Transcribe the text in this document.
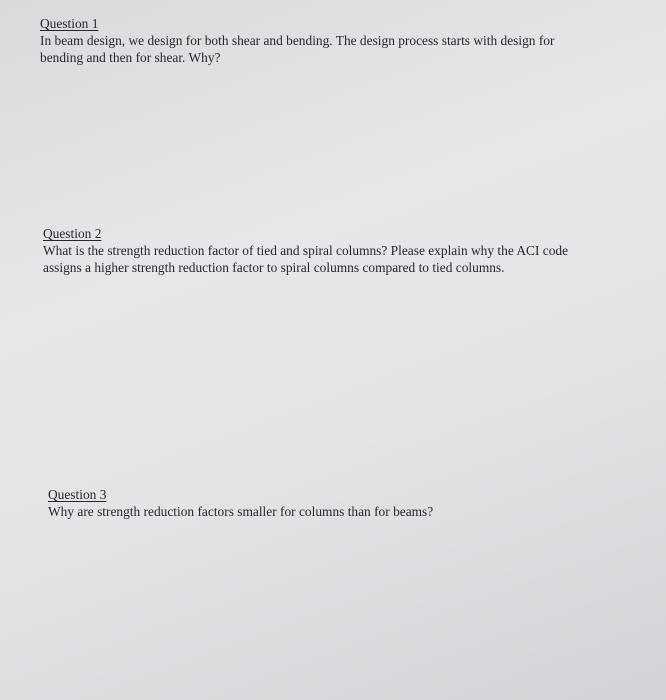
Question 1
In beam design, we design for both shear and bending. The design process starts with design for
bending and then for shear. Why?
Question 2
What is the strength reduction factor of tied and spiral columns? Please explain why the ACI code
assigns a higher strength reduction factor to spiral columns compared to tied columns.
Question 3
Why are strength reduction factors smaller for columns than for beams?
